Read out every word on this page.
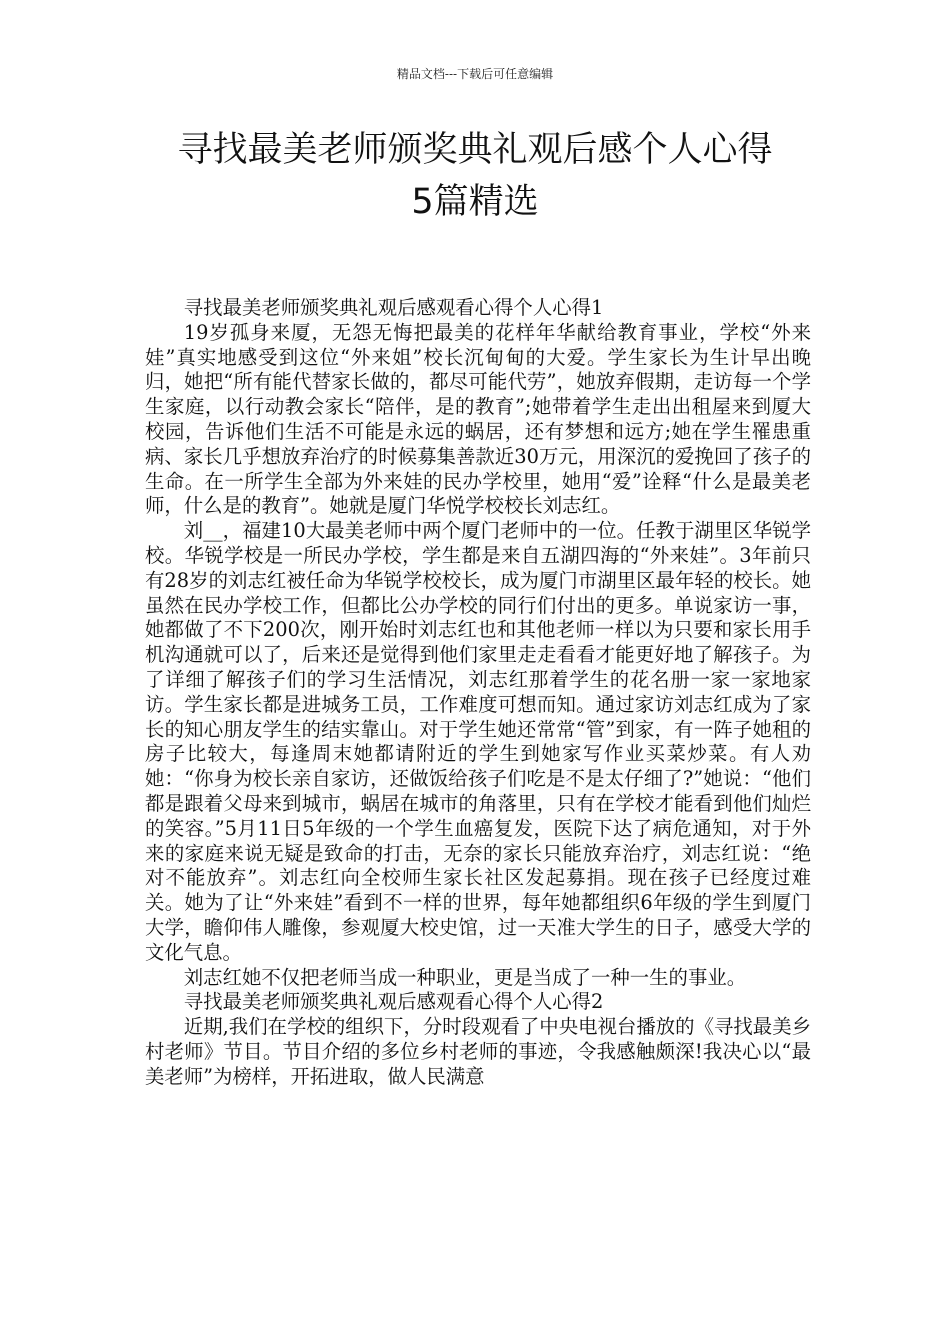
精品文档---下载后可任意编辑
寻找最美老师颁奖典礼观后感个人心得
5篇精选

寻找最美老师颁奖典礼观后感观看心得个人心得1

19岁孤身来厦，无怨无悔把最美的花样年华献给教育事业，学校“外来娃”真实地感受到这位“外来姐”校长沉甸甸的大爱。学生家长为生计早出晚归，她把“所有能代替家长做的，都尽可能代劳”，她放弃假期，走访每一个学生家庭，以行动教会家长“陪伴，是的教育”;她带着学生走出出租屋来到厦大校园，告诉他们生活不可能是永远的蜗居，还有梦想和远方;她在学生罹患重病、家长几乎想放弃治疗的时候募集善款近30万元，用深沉的爱挽回了孩子的生命。在一所学生全部为外来娃的民办学校里，她用“爱”诠释“什么是最美老师，什么是的教育”。她就是厦门华悦学校校长刘志红。

刘__，福建10大最美老师中两个厦门老师中的一位。任教于湖里区华锐学校。华锐学校是一所民办学校，学生都是来自五湖四海的“外来娃”。3年前只有28岁的刘志红被任命为华锐学校校长，成为厦门市湖里区最年轻的校长。她虽然在民办学校工作，但都比公办学校的同行们付出的更多。单说家访一事，她都做了不下200次，刚开始时刘志红也和其他老师一样以为只要和家长用手机沟通就可以了，后来还是觉得到他们家里走走看看才能更好地了解孩子。为了详细了解孩子们的学习生活情况，刘志红那着学生的花名册一家一家地家访。学生家长都是进城务工员，工作难度可想而知。通过家访刘志红成为了家长的知心朋友学生的结实靠山。对于学生她还常常“管”到家，有一阵子她租的房子比较大，每逢周末她都请附近的学生到她家写作业买菜炒菜。有人劝她：“你身为校长亲自家访，还做饭给孩子们吃是不是太仔细了?”她说：“他们都是跟着父母来到城市，蜗居在城市的角落里，只有在学校才能看到他们灿烂的笑容。”5月11日5年级的一个学生血癌复发，医院下达了病危通知，对于外来的家庭来说无疑是致命的打击，无奈的家长只能放弃治疗，刘志红说：“绝对不能放弃”。刘志红向全校师生家长社区发起募捐。现在孩子已经度过难关。她为了让“外来娃”看到不一样的世界，每年她都组织6年级的学生到厦门大学，瞻仰伟人雕像，参观厦大校史馆，过一天准大学生的日子，感受大学的文化气息。

刘志红她不仅把老师当成一种职业，更是当成了一种一生的事业。

寻找最美老师颁奖典礼观后感观看心得个人心得2

近期,我们在学校的组织下，分时段观看了中央电视台播放的《寻找最美乡村老师》节目。节目介绍的多位乡村老师的事迹，令我感触颇深!我决心以“最美老师”为榜样，开拓进取，做人民满意
